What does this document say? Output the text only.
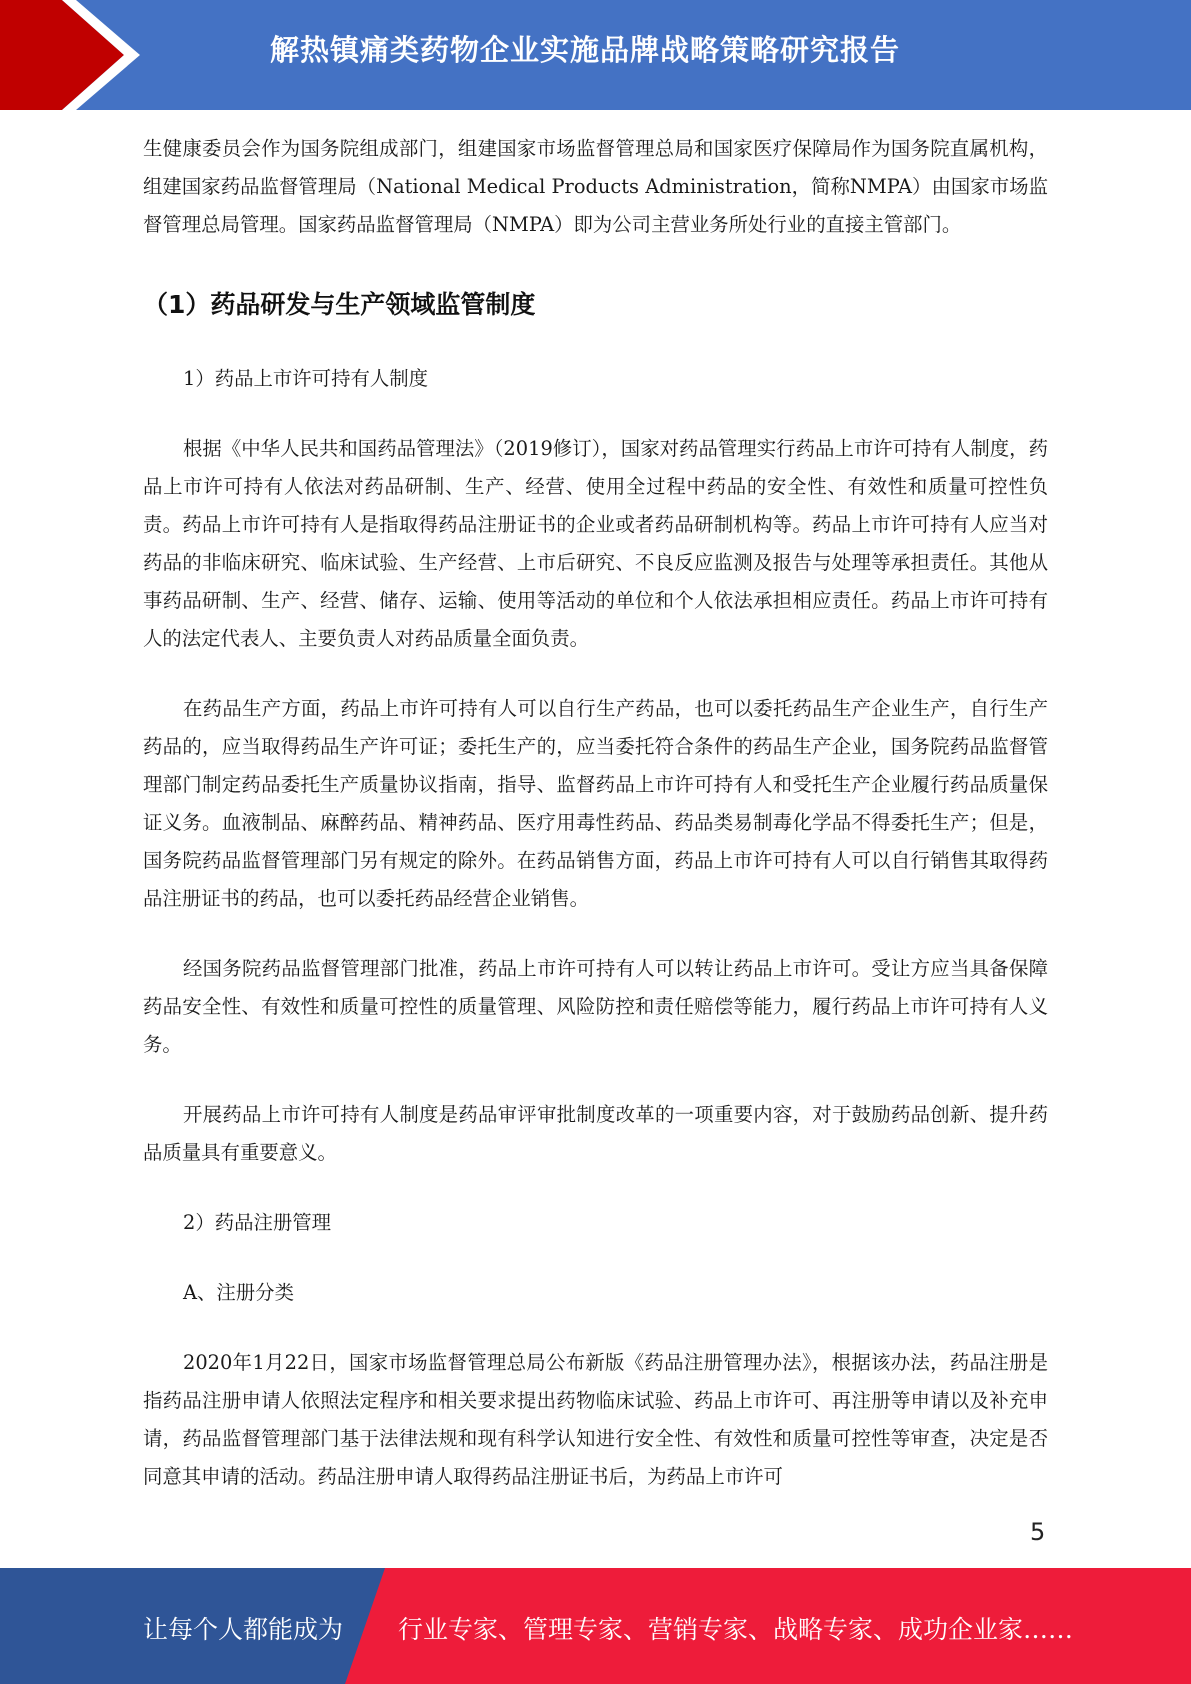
解热镇痛类药物企业实施品牌战略策略研究报告

生健康委员会作为国务院组成部门，组建国家市场监督管理总局和国家医疗保障局作为国务院直属机构，组建国家药品监督管理局（National Medical Products Administration，简称NMPA）由国家市场监督管理总局管理。国家药品监督管理局（NMPA）即为公司主营业务所处行业的直接主管部门。

（1）药品研发与生产领域监管制度

1）药品上市许可持有人制度

根据《中华人民共和国药品管理法》（2019修订），国家对药品管理实行药品上市许可持有人制度，药品上市许可持有人依法对药品研制、生产、经营、使用全过程中药品的安全性、有效性和质量可控性负责。药品上市许可持有人是指取得药品注册证书的企业或者药品研制机构等。药品上市许可持有人应当对药品的非临床研究、临床试验、生产经营、上市后研究、不良反应监测及报告与处理等承担责任。其他从事药品研制、生产、经营、储存、运输、使用等活动的单位和个人依法承担相应责任。药品上市许可持有人的法定代表人、主要负责人对药品质量全面负责。

在药品生产方面，药品上市许可持有人可以自行生产药品，也可以委托药品生产企业生产，自行生产药品的，应当取得药品生产许可证；委托生产的，应当委托符合条件的药品生产企业，国务院药品监督管理部门制定药品委托生产质量协议指南，指导、监督药品上市许可持有人和受托生产企业履行药品质量保证义务。血液制品、麻醉药品、精神药品、医疗用毒性药品、药品类易制毒化学品不得委托生产；但是，国务院药品监督管理部门另有规定的除外。在药品销售方面，药品上市许可持有人可以自行销售其取得药品注册证书的药品，也可以委托药品经营企业销售。

经国务院药品监督管理部门批准，药品上市许可持有人可以转让药品上市许可。受让方应当具备保障药品安全性、有效性和质量可控性的质量管理、风险防控和责任赔偿等能力，履行药品上市许可持有人义务。

开展药品上市许可持有人制度是药品审评审批制度改革的一项重要内容，对于鼓励药品创新、提升药品质量具有重要意义。

2）药品注册管理

A、注册分类

2020年1月22日，国家市场监督管理总局公布新版《药品注册管理办法》，根据该办法，药品注册是指药品注册申请人依照法定程序和相关要求提出药物临床试验、药品上市许可、再注册等申请以及补充申请，药品监督管理部门基于法律法规和现有科学认知进行安全性、有效性和质量可控性等审查，决定是否同意其申请的活动。药品注册申请人取得药品注册证书后，为药品上市许可

5
让每个人都能成为 行业专家、管理专家、营销专家、战略专家、成功企业家……
